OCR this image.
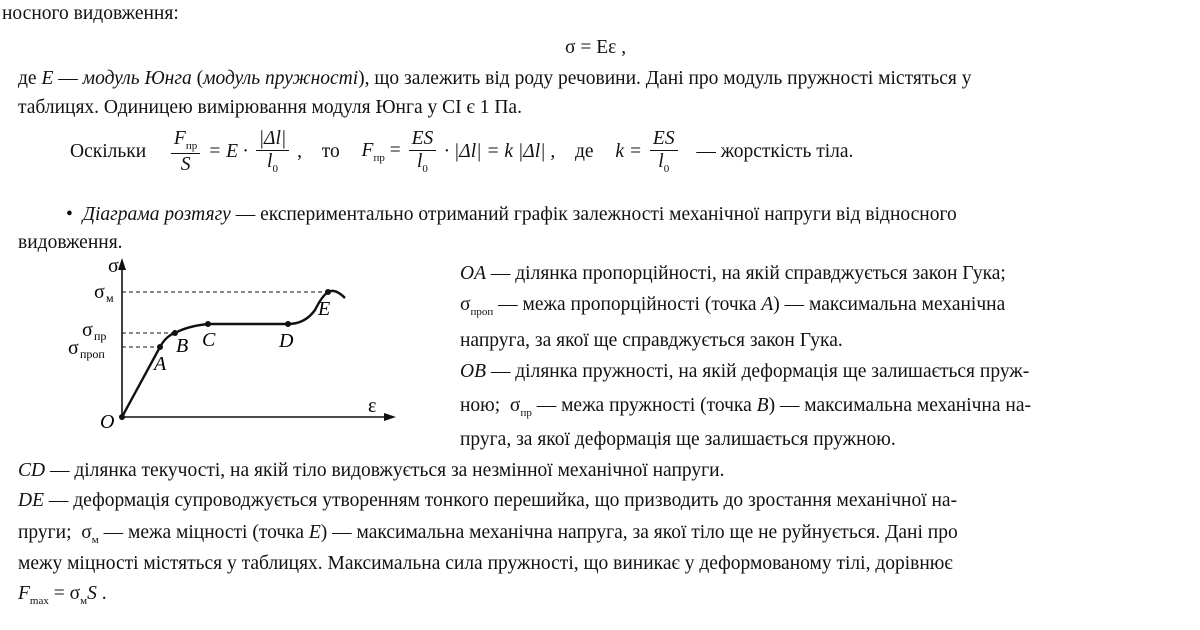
носного видовження:
σ = Eε ,
де E — модуль Юнга (модуль пружності), що залежить від роду речовини. Дані про модуль пружності містяться у
таблицях. Одиницею вимірювання модуля Юнга у СІ є 1 Па.
Оскільки $\frac{F_{пр}}{S} = E \cdot \frac{|\Delta l|}{l_0}$ , то $F_{пр} = \frac{ES}{l_0} \cdot |\Delta l| = k$ |Δl| , де $k = \frac{ES}{l_0}$ — жорсткість тіла.
• Діаграма розтягу — експериментально отриманий графік залежності механічної напруги від відносного
видовження.
σ
ε
O
σ м
σ пр
σ проп A
B C	D
E
OA — ділянка пропорційності, на якій справджується закон Гука;
$\sigma_{проп}$ — межа пропорційності (точка A) — максимальна механічна
напруга, за якої ще справджується закон Гука.
OB — ділянка пружності, на якій деформація ще залишається пруж-
ною; $\sigma_{пр}$ — межа пружності (точка B) — максимальна механічна на-
пруга, за якої деформація ще залишається пружною.
CD — ділянка текучості, на якій тіло видовжується за незмінної механічної напруги.
DE — деформація супроводжується утворенням тонкого перешийка, що призводить до зростання механічної на-
пруги; $\sigma_м$ — межа міцності (точка E) — максимальна механічна напруга, за якої тіло ще не руйнується. Дані про
межу міцності містяться у таблицях. Максимальна сила пружності, що виникає у деформованому тілі, дорівнює
$F_{max} = \sigma_мS$ .
